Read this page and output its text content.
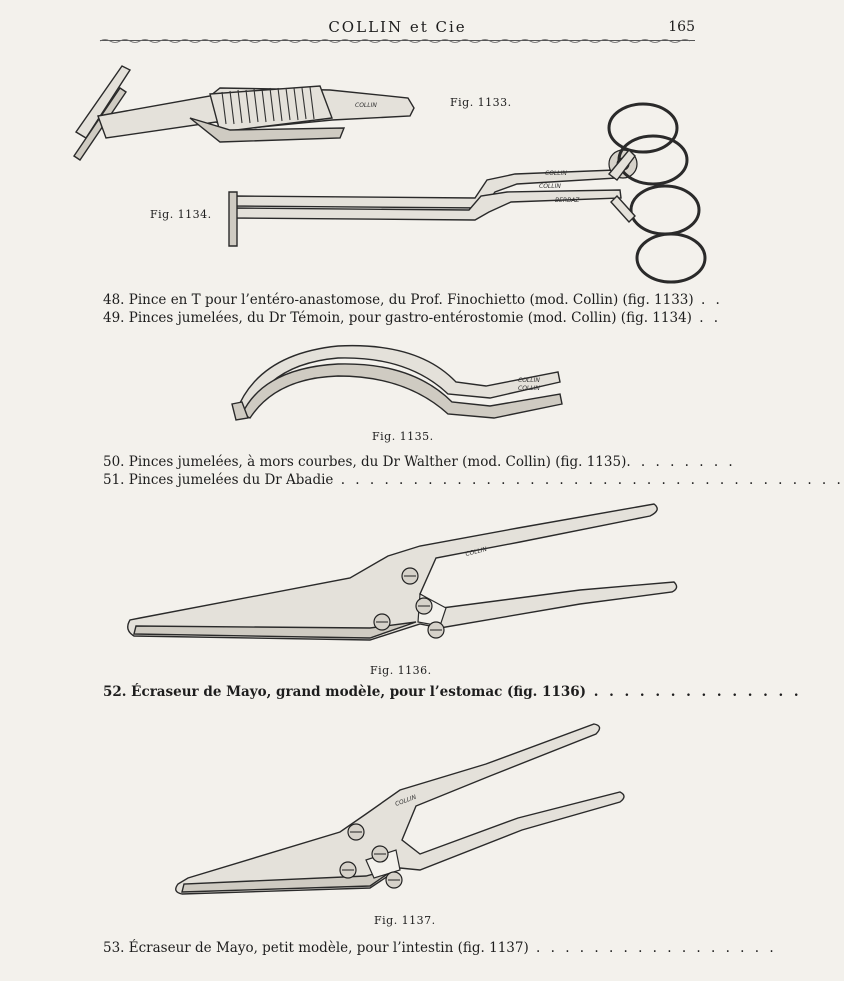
COLLIN et Cie	165
COLLIN	Fig. 1133.
COLLIN
COLLIN
BERBAZ
Fig. 1134.
48. Pince en T pour l’entéro-anastomose, du Prof. Finochietto (mod. Collin) (fig. 1133) . .
49. Pinces jumelées, du Dr Témoin, pour gastro-entérostomie (mod. Collin) (fig. 1134) . .
COLLIN
COLLIN
Fig. 1135.
50. Pinces jumelées, à mors courbes, du Dr Walther (mod. Collin) (fig. 1135). . . . . . . .
51. Pinces jumelées du Dr Abadie . . . . . . . . . . . . . . . . . . . . . . . . . . . . . . . . . . .
COLLIN
Fig. 1136.
52. Écraseur de Mayo, grand modèle, pour l’estomac (fig. 1136) . . . . . . . . . . . . . .
COLLIN
Fig. 1137.
53. Écraseur de Mayo, petit modèle, pour l’intestin (fig. 1137) . . . . . . . . . . . . . . . . .
